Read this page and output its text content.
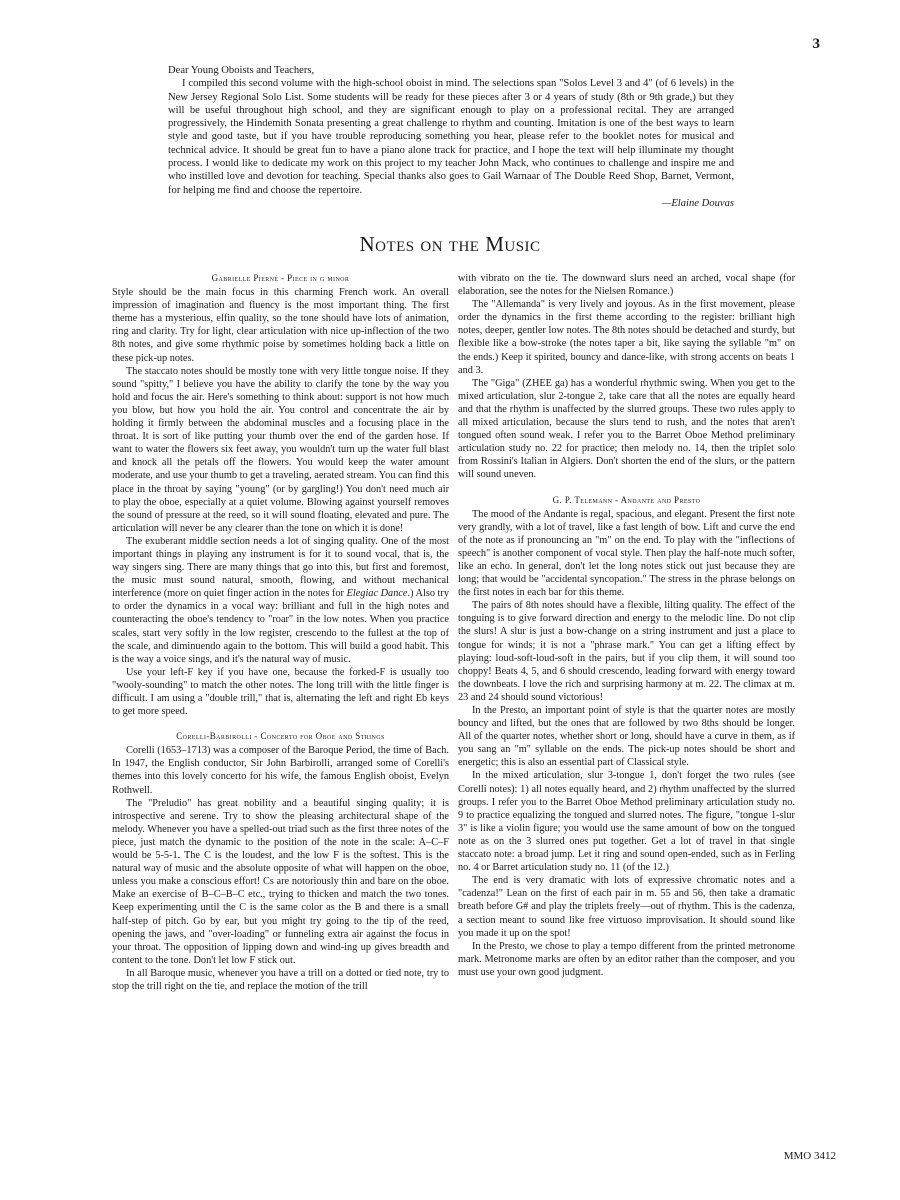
3

Dear Young Oboists and Teachers,

I compiled this second volume with the high-school oboist in mind. The selections span "Solos Level 3 and 4" (of 6 levels) in the New Jersey Regional Solo List. Some students will be ready for these pieces after 3 or 4 years of study (8th or 9th grade,) but they will be useful throughout high school, and they are significant enough to play on a professional recital. They are arranged progressively, the Hindemith Sonata presenting a great challenge to rhythm and counting. Imitation is one of the best ways to learn style and good taste, but if you have trouble reproducing something you hear, please refer to the booklet notes for musical and technical advice. It should be great fun to have a piano alone track for practice, and I hope the text will help illuminate my thought process. I would like to dedicate my work on this project to my teacher John Mack, who continues to challenge and inspire me and who instilled love and devotion for teaching. Special thanks also goes to Gail Warnaar of The Double Reed Shop, Barnet, Vermont, for helping me find and choose the repertoire.

—Elaine Douvas

Notes on the Music
Gabrielle Pierné - Piece in g minor

Style should be the main focus in this charming French work. An overall impression of imagination and fluency is the most important thing. The first theme has a mysterious, elfin quality, so the tone should have lots of animation, ring and clarity. Try for light, clear articulation with nice up-inflection of the two 8th notes, and give some rhythmic poise by sometimes holding back a little on these pick-up notes.

The staccato notes should be mostly tone with very little tongue noise. If they sound "spitty," I believe you have the ability to clarify the tone by the way you hold and focus the air. Here's something to think about: support is not how much you blow, but how you hold the air. You control and concentrate the air by holding it firmly between the abdominal muscles and a focusing place in the throat. It is sort of like putting your thumb over the end of the garden hose. If want to water the flowers six feet away, you wouldn't turn up the water full blast and knock all the petals off the flowers. You would keep the water amount moderate, and use your thumb to get a traveling, aerated stream. You can find this place in the throat by saying "young" (or by gargling!) You don't need much air to play the oboe, especially at a quiet volume. Blowing against yourself removes the sound of pressure at the reed, so it will sound floating, elevated and pure. The articulation will never be any clearer than the tone on which it is done!

The exuberant middle section needs a lot of singing quality. One of the most important things in playing any instrument is for it to sound vocal, that is, the way singers sing. There are many things that go into this, but first and foremost, the music must sound natural, smooth, flowing, and without mechanical interference (more on quiet finger action in the notes for Elegiac Dance.) Also try to order the dynamics in a vocal way: brilliant and full in the high notes and counteracting the oboe's tendency to "roar" in the low notes. When you practice scales, start very softly in the low register, crescendo to the fullest at the top of the scale, and diminuendo again to the bottom. This will build a good habit. This is the way a voice sings, and it's the natural way of music.

Use your left-F key if you have one, because the forked-F is usually too "wooly-sounding" to match the other notes. The long trill with the little finger is difficult. I am using a "double trill," that is, alternating the left and right Eb keys to get more speed.

Corelli-Barbirolli - Concerto for Oboe and Strings

Corelli (1653–1713) was a composer of the Baroque Period, the time of Bach. In 1947, the English conductor, Sir John Barbirolli, arranged some of Corelli's themes into this lovely concerto for his wife, the famous English oboist, Evelyn Rothwell.

The "Preludio" has great nobility and a beautiful singing quality; it is introspective and serene. Try to show the pleasing architectural shape of the melody. Whenever you have a spelled-out triad such as the first three notes of the piece, just match the dynamic to the position of the note in the scale: A–C–F would be 5-5-1. The C is the loudest, and the low F is the softest. This is the natural way of music and the absolute opposite of what will happen on the oboe, unless you make a conscious effort! Cs are notoriously thin and bare on the oboe. Make an exercise of B–C–B–C etc., trying to thicken and match the two tones. Keep experimenting until the C is the same color as the B and there is a small half-step of pitch. Go by ear, but you might try going to the tip of the reed, opening the jaws, and "over-loading" or funneling extra air against the focus in your throat. The opposition of lipping down and wind-ing up gives breadth and content to the tone. Don't let low F stick out.

In all Baroque music, whenever you have a trill on a dotted or tied note, try to stop the trill right on the tie, and replace the motion of the trill

with vibrato on the tie. The downward slurs need an arched, vocal shape (for elaboration, see the notes for the Nielsen Romance.)

The "Allemanda" is very lively and joyous. As in the first movement, please order the dynamics in the first theme according to the register: brilliant high notes, deeper, gentler low notes. The 8th notes should be detached and sturdy, but flexible like a bow-stroke (the notes taper a bit, like saying the syllable "m" on the ends.) Keep it spirited, bouncy and dance-like, with strong accents on beats 1 and 3.

The "Giga" (ZHEE ga) has a wonderful rhythmic swing. When you get to the mixed articulation, slur 2-tongue 2, take care that all the notes are equally heard and that the rhythm is unaffected by the slurred groups. These two rules apply to all mixed articulation, because the slurs tend to rush, and the notes that aren't tongued often sound weak. I refer you to the Barret Oboe Method preliminary articulation study no. 22 for practice; then melody no. 14, then the triplet solo from Rossini's Italian in Algiers. Don't shorten the end of the slurs, or the pattern will sound uneven.

G. P. Telemann - Andante and Presto

The mood of the Andante is regal, spacious, and elegant. Present the first note very grandly, with a lot of travel, like a fast length of bow. Lift and curve the end of the note as if pronouncing an "m" on the end. To play with the "inflections of speech" is another component of vocal style. Then play the half-note much softer, like an echo. In general, don't let the long notes stick out just because they are long; that would be "accidental syncopation." The stress in the phrase belongs on the first notes in each bar for this theme.

The pairs of 8th notes should have a flexible, lilting quality. The effect of the tonguing is to give forward direction and energy to the melodic line. Do not clip the slurs! A slur is just a bow-change on a string instrument and just a place to tongue for winds; it is not a "phrase mark." You can get a lifting effect by playing: loud-soft-loud-soft in the pairs, but if you clip them, it will sound too choppy! Beats 4, 5, and 6 should crescendo, leading forward with energy toward the downbeats. I love the rich and surprising harmony at m. 22. The climax at m. 23 and 24 should sound victorious!

In the Presto, an important point of style is that the quarter notes are mostly bouncy and lifted, but the ones that are followed by two 8ths should be longer. All of the quarter notes, whether short or long, should have a curve in them, as if you sang an "m" syllable on the ends. The pick-up notes should be short and energetic; this is also an essential part of Classical style.

In the mixed articulation, slur 3-tongue 1, don't forget the two rules (see Corelli notes): 1) all notes equally heard, and 2) rhythm unaffected by the slurred groups. I refer you to the Barret Oboe Method preliminary articulation study no. 9 to practice equalizing the tongued and slurred notes. The figure, "tongue 1-slur 3" is like a violin figure; you would use the same amount of bow on the tongued note as on the 3 slurred ones put together. Get a lot of travel in that single staccato note: a broad jump. Let it ring and sound open-ended, such as in Ferling no. 4 or Barret articulation study no. 11 (of the 12.)

The end is very dramatic with lots of expressive chromatic notes and a "cadenza!" Lean on the first of each pair in m. 55 and 56, then take a dramatic breath before G# and play the triplets freely—out of rhythm. This is the cadenza, a section meant to sound like free virtuoso improvisation. It should sound like you made it up on the spot!

In the Presto, we chose to play a tempo different from the printed metronome mark. Metronome marks are often by an editor rather than the composer, and you must use your own good judgment.

MMO 3412
